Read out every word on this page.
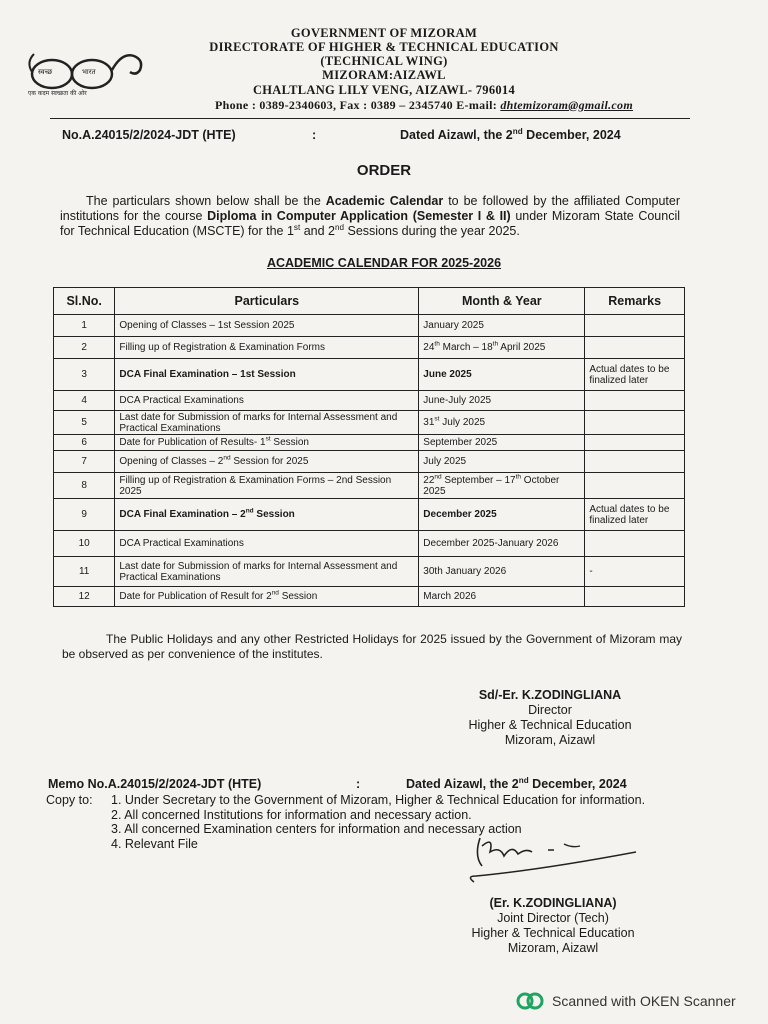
स्वच्छ	भारत
एक कदम स्वच्छता की ओर
GOVERNMENT OF MIZORAM
DIRECTORATE OF HIGHER & TECHNICAL EDUCATION
(TECHNICAL WING)
MIZORAM:AIZAWL
CHALTLANG LILY VENG, AIZAWL- 796014
Phone : 0389-2340603, Fax : 0389 – 2345740 E-mail: dhtemizoram@gmail.com
No.A.24015/2/2024-JDT (HTE)	:	Dated Aizawl, the 2nd December, 2024
ORDER
The particulars shown below shall be the Academic Calendar to be followed by the affiliated Computer institutions for the course Diploma in Computer Application (Semester I & II) under Mizoram State Council for Technical Education (MSCTE) for the 1st and 2nd Sessions during the year 2025.
ACADEMIC CALENDAR FOR 2025-2026
Sl.No.	Particulars	Month & Year	Remarks
1	Opening of Classes – 1st Session 2025	January 2025	
2	Filling up of Registration & Examination Forms	24th March – 18th April 2025	
3	DCA Final Examination – 1st Session	June 2025	Actual dates to be finalized later
4	DCA Practical Examinations	June-July 2025	
5	Last date for Submission of marks for Internal Assessment and Practical Examinations	31st July 2025	
6	Date for Publication of Results- 1st Session	September 2025	
7	Opening of Classes – 2nd Session for 2025	July 2025	
8	Filling up of Registration & Examination Forms – 2nd Session 2025	22nd September – 17th October 2025	
9	DCA Final Examination – 2nd Session	December 2025	Actual dates to be finalized later
10	DCA Practical Examinations	December 2025-January 2026	
11	Last date for Submission of marks for Internal Assessment and Practical Examinations	30th January 2026	-
12	Date for Publication of Result for 2nd Session	March 2026	
The Public Holidays and any other Restricted Holidays for 2025 issued by the Government of Mizoram may be observed as per convenience of the institutes.
Sd/-Er. K.ZODINGLIANA
Director
Higher & Technical Education
Mizoram, Aizawl
Memo No.A.24015/2/2024-JDT (HTE)	:	Dated Aizawl, the 2nd December, 2024
Copy to: 1. Under Secretary to the Government of Mizoram, Higher & Technical Education for information.
2. All concerned Institutions for information and necessary action.
3. All concerned Examination centers for information and necessary action
4. Relevant File
(Er. K.ZODINGLIANA)
Joint Director (Tech)
Higher & Technical Education
Mizoram, Aizawl
Scanned with OKEN Scanner
